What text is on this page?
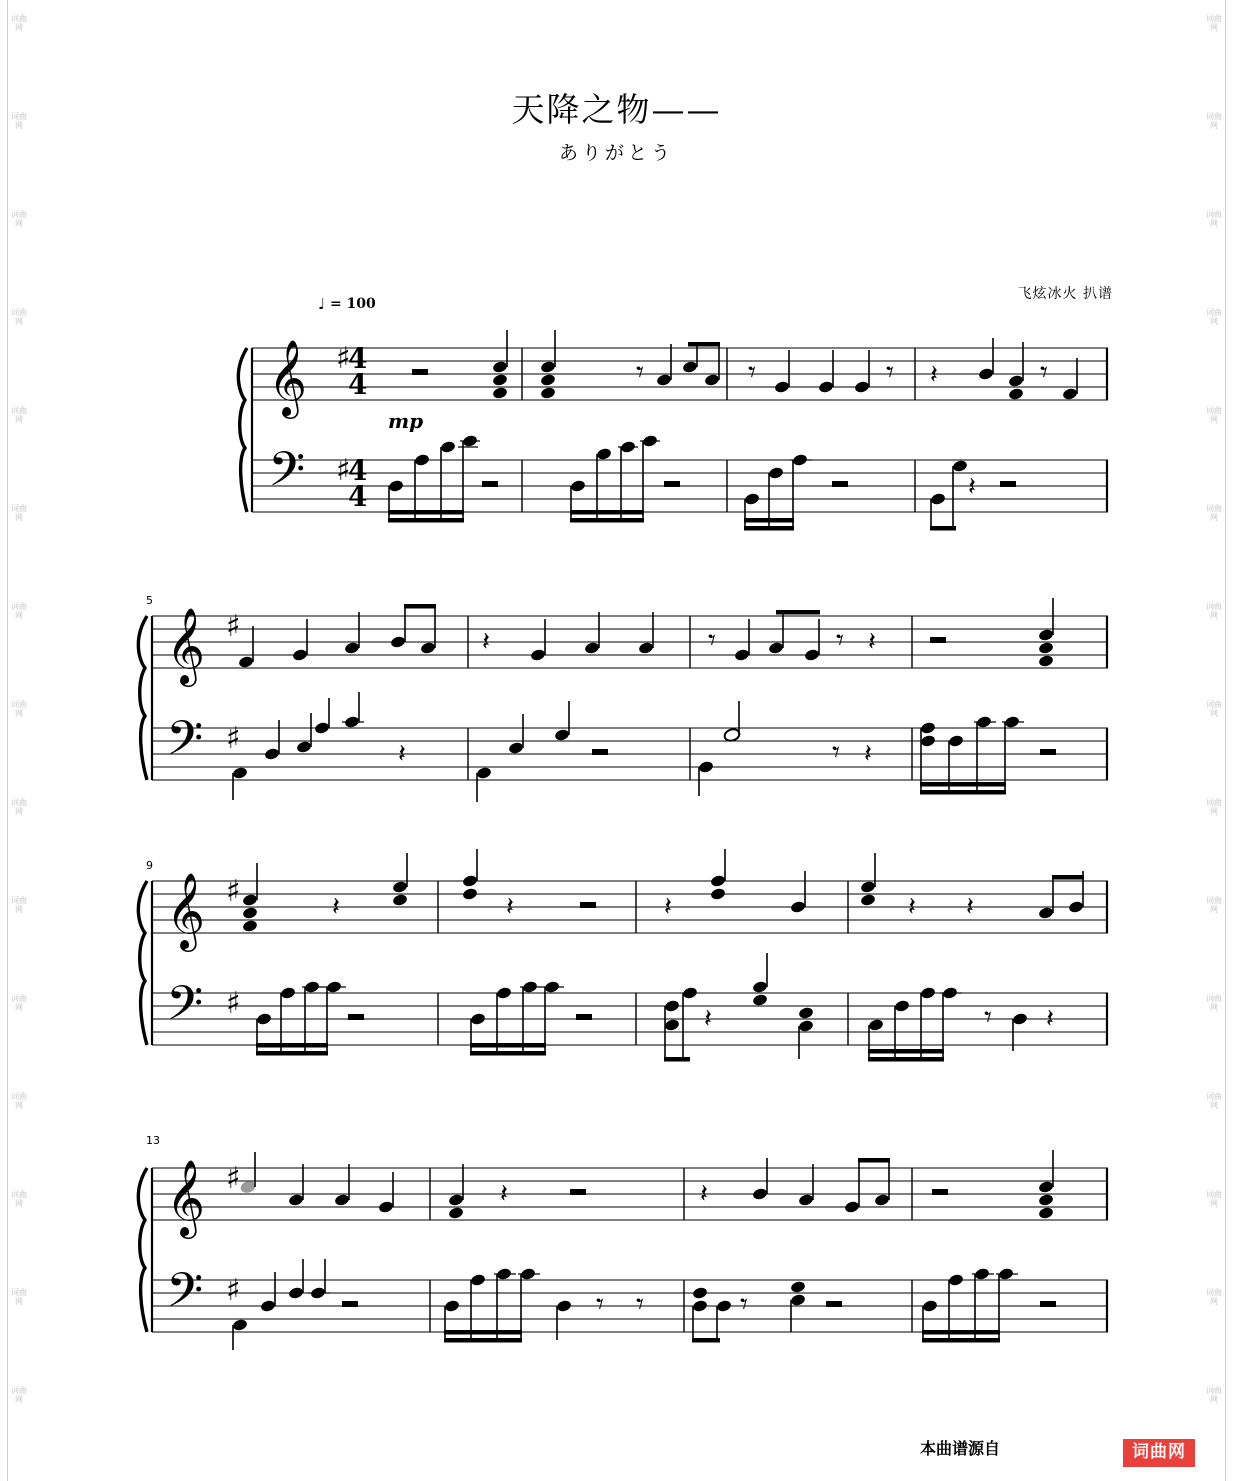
词曲网
词曲网
词曲网
词曲网
词曲网
词曲网
词曲网
词曲网
词曲网
词曲网
词曲网
词曲网
词曲网
词曲网
词曲网
词曲网
词曲网
词曲网
词曲网
词曲网
词曲网
词曲网
词曲网
词曲网
词曲网
词曲网
词曲网
词曲网
词曲网
词曲网
天降之物——
ありがとう
飞炫冰火 扒谱
♩ = 100
mp
𝄞
𝄢
♯
♯
4
4
4
4
𝄾	𝄾	𝄾 𝄽	𝄾
𝄽
5
𝄞
𝄢
♯
♯
𝄽	𝄾	𝄾 𝄽
𝄽	𝄾 𝄽
9
𝄞
𝄢
♯
♯
𝄽	𝄽	𝄽	𝄽 𝄽
𝄽	𝄾 𝄽
13
𝄞
𝄢
♯
♯
𝄽	𝄽
𝄾 𝄾	𝄾
本曲谱源自	词曲网
